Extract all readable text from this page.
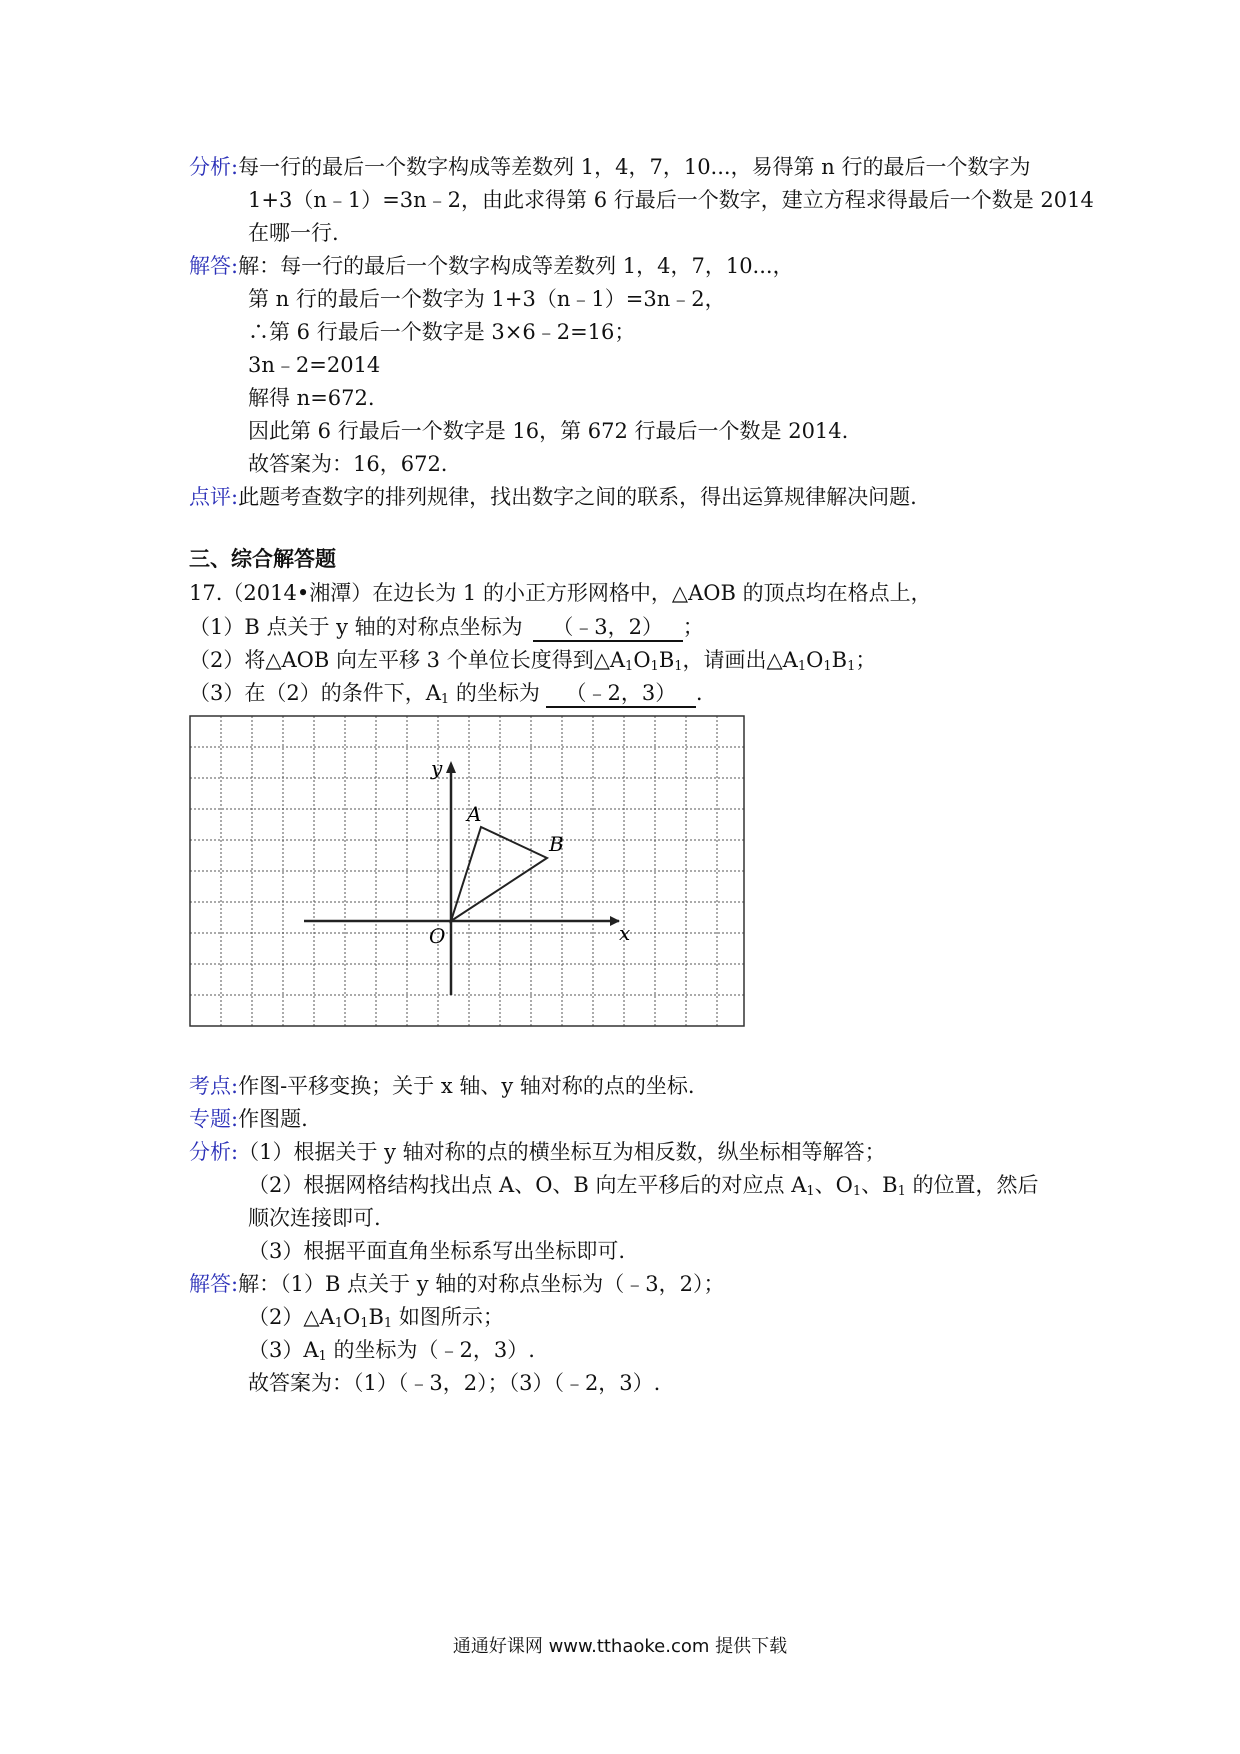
分析:每一行的最后一个数字构成等差数列 1，4，7，10...，易得第 n 行的最后一个数字为
1+3（n﹣1）=3n﹣2，由此求得第 6 行最后一个数字，建立方程求得最后一个数是 2014
在哪一行.
解答:解：每一行的最后一个数字构成等差数列 1，4，7，10...，
第 n 行的最后一个数字为 1+3（n﹣1）=3n﹣2，
∴第 6 行最后一个数字是 3×6﹣2=16；
3n﹣2=2014
解得 n=672.
因此第 6 行最后一个数字是 16，第 672 行最后一个数是 2014.
故答案为：16，672.
点评:此题考查数字的排列规律，找出数字之间的联系，得出运算规律解决问题.
三、综合解答题
17.（2014•湘潭）在边长为 1 的小正方形网格中，△AOB 的顶点均在格点上，
（1）B 点关于 y 轴的对称点坐标为 （﹣3，2） ；
（2）将△AOB 向左平移 3 个单位长度得到$\triangle A_1O_1B_1$，请画出$\triangle A_1O_1B_1$；
（3）在（2）的条件下，$A_1$ 的坐标为 （﹣2，3） .
x
y
O
A
B
考点:作图-平移变换；关于 x 轴、y 轴对称的点的坐标.
专题:作图题.
分析:（1）根据关于 y 轴对称的点的横坐标互为相反数，纵坐标相等解答；
（2）根据网格结构找出点 A、O、B 向左平移后的对应点 $A_1$、$O_1$、$B_1$ 的位置，然后
顺次连接即可.
（3）根据平面直角坐标系写出坐标即可.
解答:解：（1）B 点关于 y 轴的对称点坐标为（﹣3，2）；
$(2)\triangle A_1O_1B_1$ 如图所示；
$(3)A_1$ 的坐标为（﹣2，3）.
故答案为：（1）（﹣3，2）；（3）（﹣2，3）.
通通好课网 www.tthaoke.com 提供下载
